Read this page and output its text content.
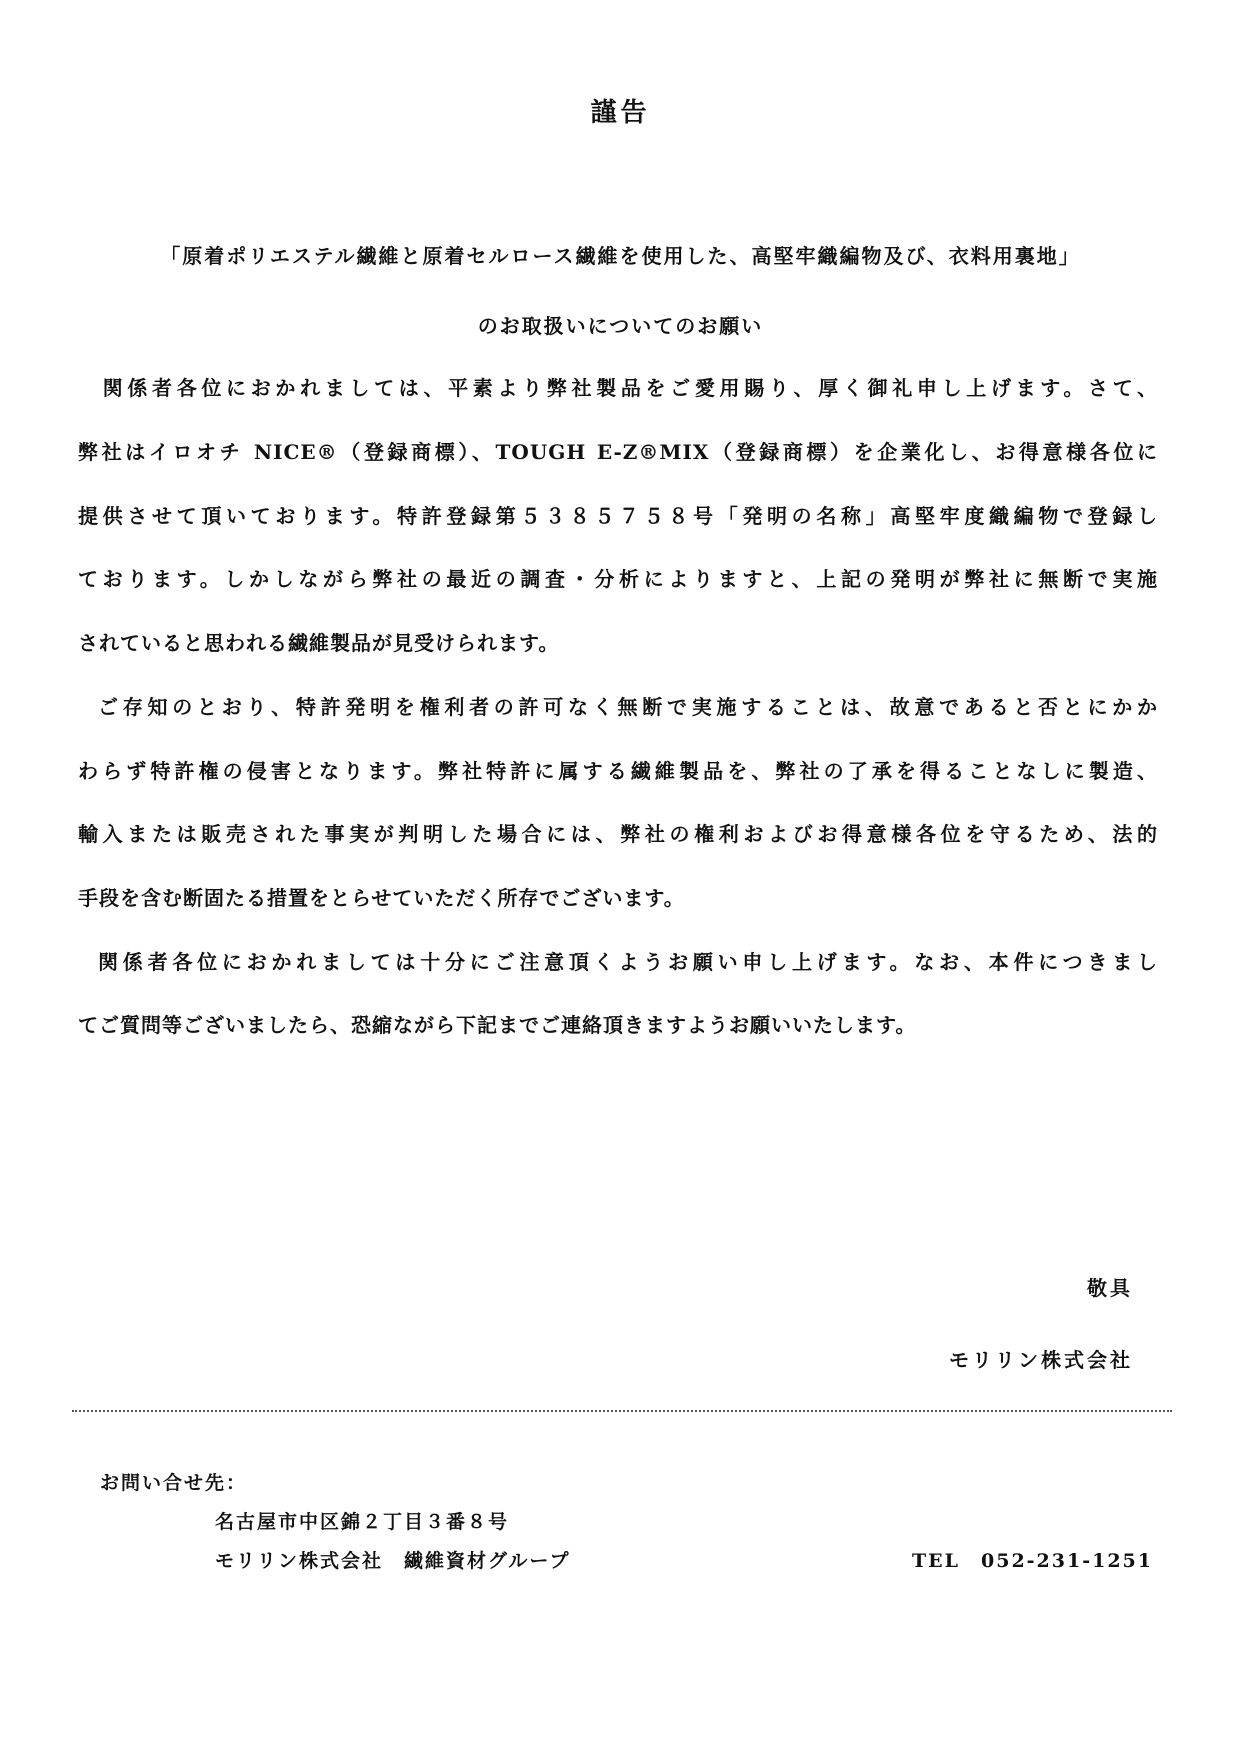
謹告
「原着ポリエステル繊維と原着セルロース繊維を使用した、高堅牢織編物及び、衣料用裏地」
のお取扱いについてのお願い
　関係者各位におかれましては、平素より弊社製品をご愛用賜り、厚く御礼申し上げます。さて、
弊社はイロオチ NICE®（登録商標）、TOUGH E-Z®MIX（登録商標）を企業化し、お得意様各位に
提供させて頂いております。特許登録第５３８５７５８号「発明の名称」高堅牢度織編物で登録し
ております。しかしながら弊社の最近の調査・分析によりますと、上記の発明が弊社に無断で実施
されていると思われる繊維製品が見受けられます。
ご存知のとおり、特許発明を権利者の許可なく無断で実施することは、故意であると否とにかか
わらず特許権の侵害となります。弊社特許に属する繊維製品を、弊社の了承を得ることなしに製造、
輸入または販売された事実が判明した場合には、弊社の権利およびお得意様各位を守るため、法的
手段を含む断固たる措置をとらせていただく所存でございます。
関係者各位におかれましては十分にご注意頂くようお願い申し上げます。なお、本件につきまし
てご質問等ございましたら、恐縮ながら下記までご連絡頂きますようお願いいたします。
敬具
モリリン株式会社
お問い合せ先：
名古屋市中区錦２丁目３番８号
モリリン株式会社　繊維資材グループ	TEL　052-231-1251
